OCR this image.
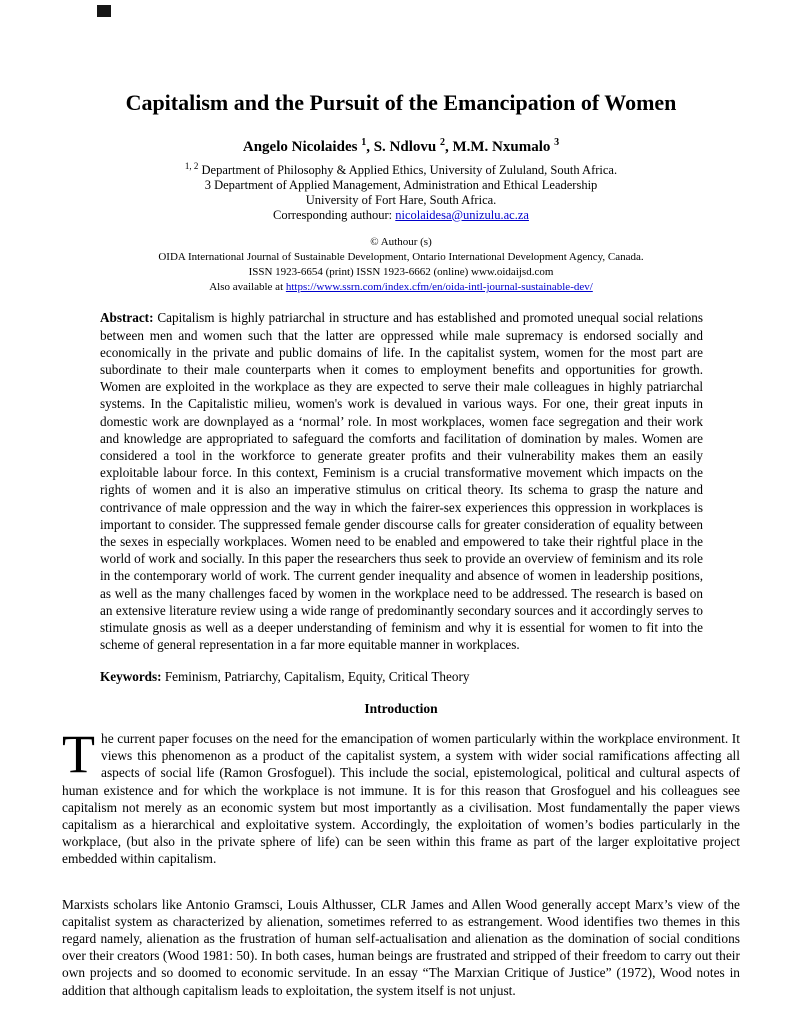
Capitalism and the Pursuit of the Emancipation of Women
Angelo Nicolaides $^1$, S. Ndlovu $^2$, M.M. Nxumalo $^3$
$^{1, 2}$ Department of Philosophy & Applied Ethics, University of Zululand, South Africa.
3 Department of Applied Management, Administration and Ethical Leadership
University of Fort Hare, South Africa.
Corresponding authour: nicolaidesa@unizulu.ac.za
© Authour (s)
OIDA International Journal of Sustainable Development, Ontario International Development Agency, Canada.
ISSN 1923-6654 (print) ISSN 1923-6662 (online) www.oidaijsd.com
Also available at https://www.ssrn.com/index.cfm/en/oida-intl-journal-sustainable-dev/

Abstract: Capitalism is highly patriarchal in structure and has established and promoted unequal social relations between men and women such that the latter are oppressed while male supremacy is endorsed socially and economically in the private and public domains of life. In the capitalist system, women for the most part are subordinate to their male counterparts when it comes to employment benefits and opportunities for growth. Women are exploited in the workplace as they are expected to serve their male colleagues in highly patriarchal systems. In the Capitalistic milieu, women's work is devalued in various ways. For one, their great inputs in domestic work are downplayed as a ‘normal’ role. In most workplaces, women face segregation and their work and knowledge are appropriated to safeguard the comforts and facilitation of domination by males. Women are considered a tool in the workforce to generate greater profits and their vulnerability makes them an easily exploitable labour force. In this context, Feminism is a crucial transformative movement which impacts on the rights of women and it is also an imperative stimulus on critical theory. Its schema to grasp the nature and contrivance of male oppression and the way in which the fairer-sex experiences this oppression in workplaces is important to consider. The suppressed female gender discourse calls for greater consideration of equality between the sexes in especially workplaces. Women need to be enabled and empowered to take their rightful place in the world of work and socially. In this paper the researchers thus seek to provide an overview of feminism and its role in the contemporary world of work. The current gender inequality and absence of women in leadership positions, as well as the many challenges faced by women in the workplace need to be addressed. The research is based on an extensive literature review using a wide range of predominantly secondary sources and it accordingly serves to stimulate gnosis as well as a deeper understanding of feminism and why it is essential for women to fit into the scheme of general representation in a far more equitable manner in workplaces.

Keywords: Feminism, Patriarchy, Capitalism, Equity, Critical Theory

Introduction

The current paper focuses on the need for the emancipation of women particularly within the workplace environment. It views this phenomenon as a product of the capitalist system, a system with wider social ramifications affecting all aspects of social life (Ramon Grosfoguel). This include the social, epistemological, political and cultural aspects of human existence and for which the workplace is not immune. It is for this reason that Grosfoguel and his colleagues see capitalism not merely as an economic system but most importantly as a civilisation. Most fundamentally the paper views capitalism as a hierarchical and exploitative system. Accordingly, the exploitation of women’s bodies particularly in the workplace, (but also in the private sphere of life) can be seen within this frame as part of the larger exploitative project embedded within capitalism.

Marxists scholars like Antonio Gramsci, Louis Althusser, CLR James and Allen Wood generally accept Marx’s view of the capitalist system as characterized by alienation, sometimes referred to as estrangement. Wood identifies two themes in this regard namely, alienation as the frustration of human self-actualisation and alienation as the domination of social conditions over their creators (Wood 1981: 50). In both cases, human beings are frustrated and stripped of their freedom to carry out their own projects and so doomed to economic servitude. In an essay “The Marxian Critique of Justice” (1972), Wood notes in addition that although capitalism leads to exploitation, the system itself is not unjust.
